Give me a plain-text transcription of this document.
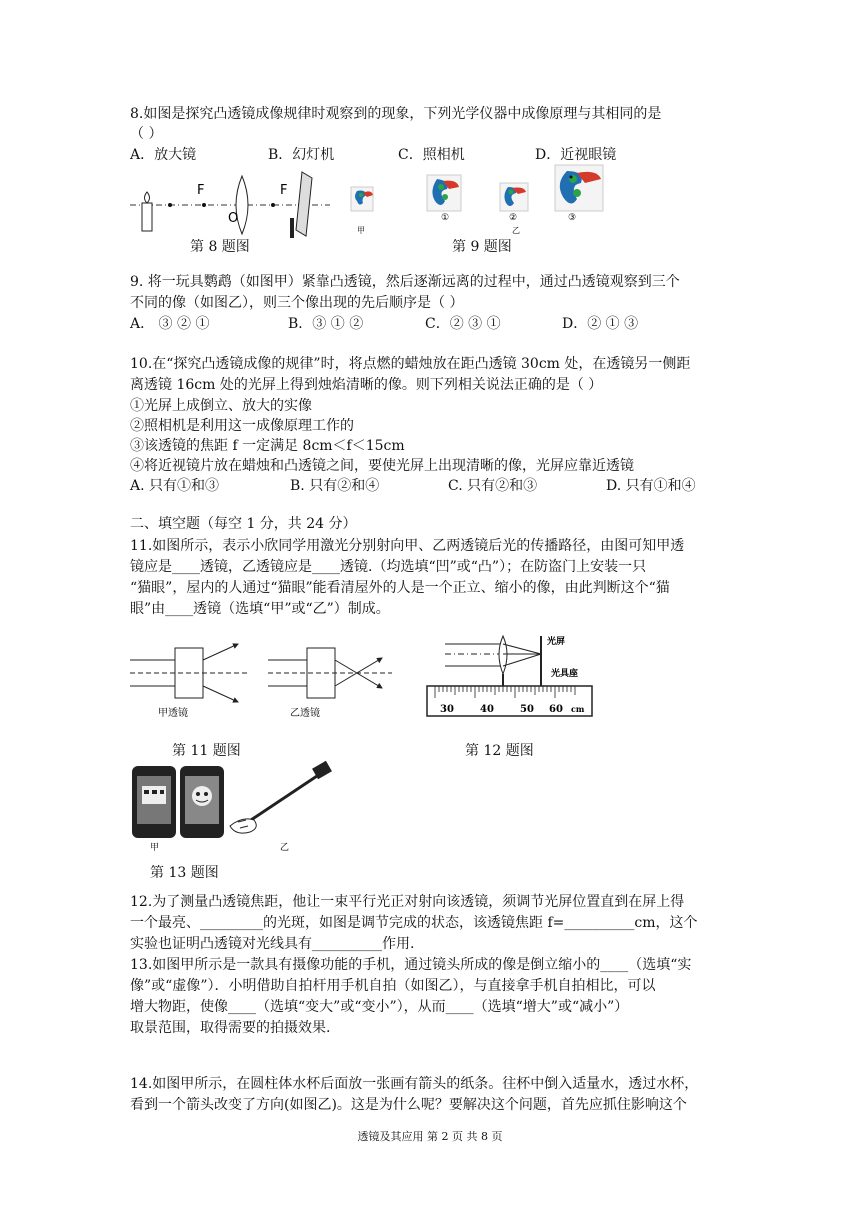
8.如图是探究凸透镜成像规律时观察到的现象，下列光学仪器中成像原理与其相同的是
（ ）
A．放大镜	B．幻灯机	C．照相机	D．近视眼镜
F
O
F
第 8 题图
甲
①	②
乙
③
第 9 题图
9. 将一玩具鹦鹉（如图甲）紧靠凸透镜，然后逐渐远离的过程中，通过凸透镜观察到三个
不同的像（如图乙），则三个像出现的先后顺序是（ ）
A． ③ ② ①	B．③ ① ②	C．② ③ ①	D．② ① ③
10.在“探究凸透镜成像的规律”时，将点燃的蜡烛放在距凸透镜 30cm 处，在透镜另一侧距
离透镜 16cm 处的光屏上得到烛焰清晰的像。则下列相关说法正确的是（ ）
①光屏上成倒立、放大的实像
②照相机是利用这一成像原理工作的
③该透镜的焦距 f 一定满足 8cm＜f＜15cm
④将近视镜片放在蜡烛和凸透镜之间，要使光屏上出现清晰的像，光屏应靠近透镜
A. 只有①和③	B. 只有②和④	C. 只有②和③	D. 只有①和④
二、填空题（每空 1 分，共 24 分）
11.如图所示，表示小欣同学用激光分别射向甲、乙两透镜后光的传播路径，由图可知甲透
镜应是____透镜，乙透镜应是____透镜.（均选填“凹”或“凸”）；在防盗门上安装一只
“猫眼”，屋内的人通过“猫眼”能看清屋外的人是一个正立、缩小的像，由此判断这个“猫
眼”由____透镜（选填“甲”或“乙”）制成。
甲透镜	乙透镜
第 11 题图
光屏
光具座
30	40	50 60 cm
第 12 题图
甲	乙
第 13 题图
12.为了测量凸透镜焦距，他让一束平行光正对射向该透镜，须调节光屏位置直到在屏上得
一个最亮、_________的光斑，如图是调节完成的状态，该透镜焦距 f=__________cm，这个
实验也证明凸透镜对光线具有__________作用.
13.如图甲所示是一款具有摄像功能的手机，通过镜头所成的像是倒立缩小的____（选填“实
像”或“虚像”）．小明借助自拍杆用手机自拍（如图乙），与直接拿手机自拍相比，可以
增大物距，使像____（选填“变大”或“变小”），从而____（选填“增大”或“减小”）
取景范围，取得需要的拍摄效果.
14.如图甲所示，在圆柱体水杯后面放一张画有箭头的纸条。往杯中倒入适量水，透过水杯，
看到一个箭头改变了方向(如图乙)。这是为什么呢？要解决这个问题，首先应抓住影响这个
透镜及其应用 第 2 页 共 8 页
